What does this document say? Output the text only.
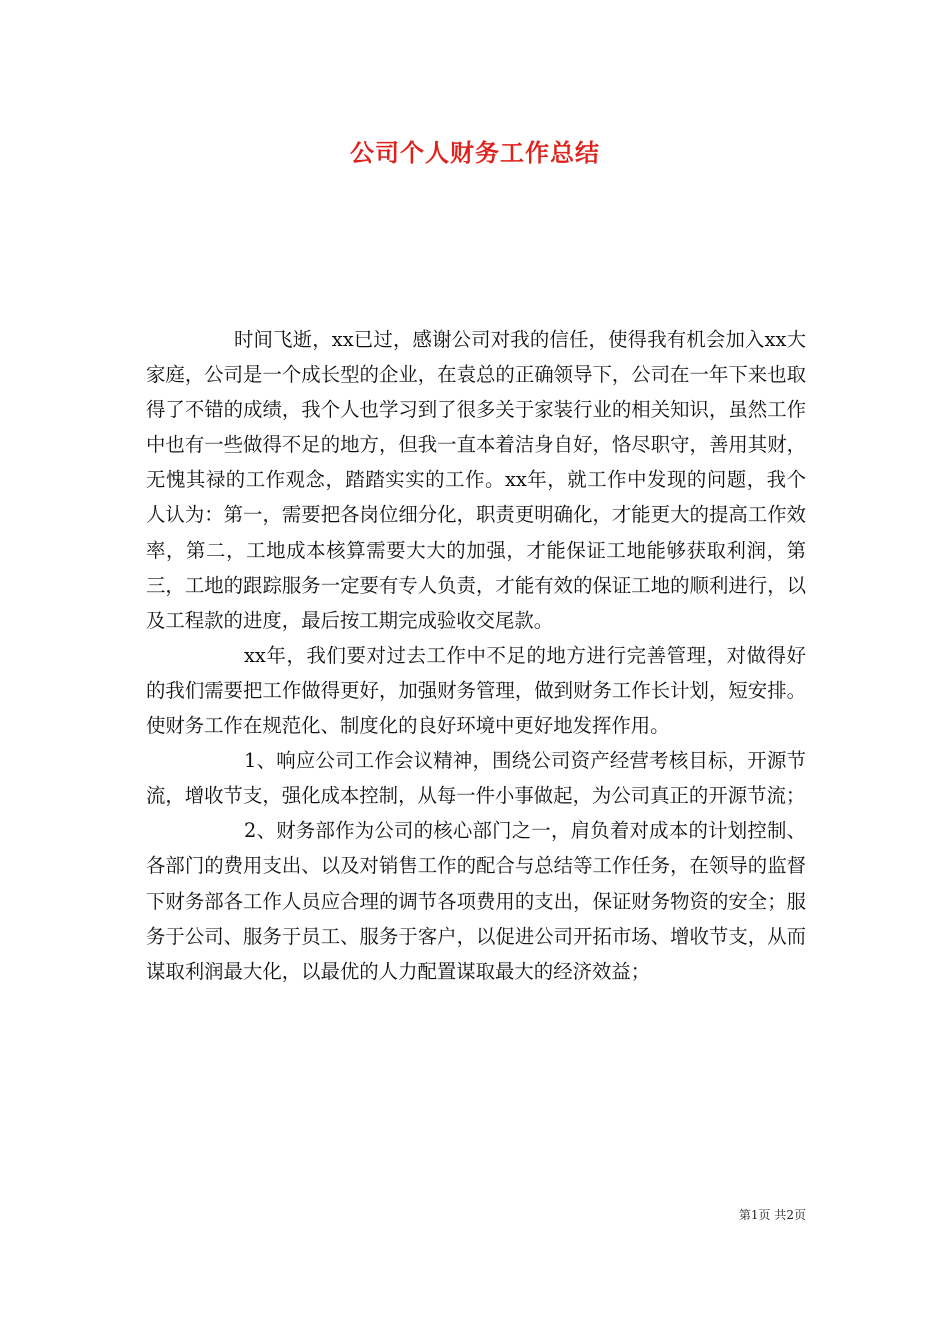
公司个人财务工作总结

时间飞逝，xx已过，感谢公司对我的信任，使得我有机会加入xx大家庭，公司是一个成长型的企业，在袁总的正确领导下，公司在一年下来也取得了不错的成绩，我个人也学习到了很多关于家装行业的相关知识，虽然工作中也有一些做得不足的地方，但我一直本着洁身自好，恪尽职守，善用其财，无愧其禄的工作观念，踏踏实实的工作。xx年，就工作中发现的问题，我个人认为：第一，需要把各岗位细分化，职责更明确化，才能更大的提高工作效率，第二，工地成本核算需要大大的加强，才能保证工地能够获取利润，第三，工地的跟踪服务一定要有专人负责，才能有效的保证工地的顺利进行，以及工程款的进度，最后按工期完成验收交尾款。

xx年，我们要对过去工作中不足的地方进行完善管理，对做得好的我们需要把工作做得更好，加强财务管理，做到财务工作长计划，短安排。使财务工作在规范化、制度化的良好环境中更好地发挥作用。

1、响应公司工作会议精神，围绕公司资产经营考核目标，开源节流，增收节支，强化成本控制，从每一件小事做起，为公司真正的开源节流；

2、财务部作为公司的核心部门之一，肩负着对成本的计划控制、各部门的费用支出、以及对销售工作的配合与总结等工作任务，在领导的监督下财务部各工作人员应合理的调节各项费用的支出，保证财务物资的安全；服务于公司、服务于员工、服务于客户，以促进公司开拓市场、增收节支，从而谋取利润最大化，以最优的人力配置谋取最大的经济效益；

第1页 共2页
